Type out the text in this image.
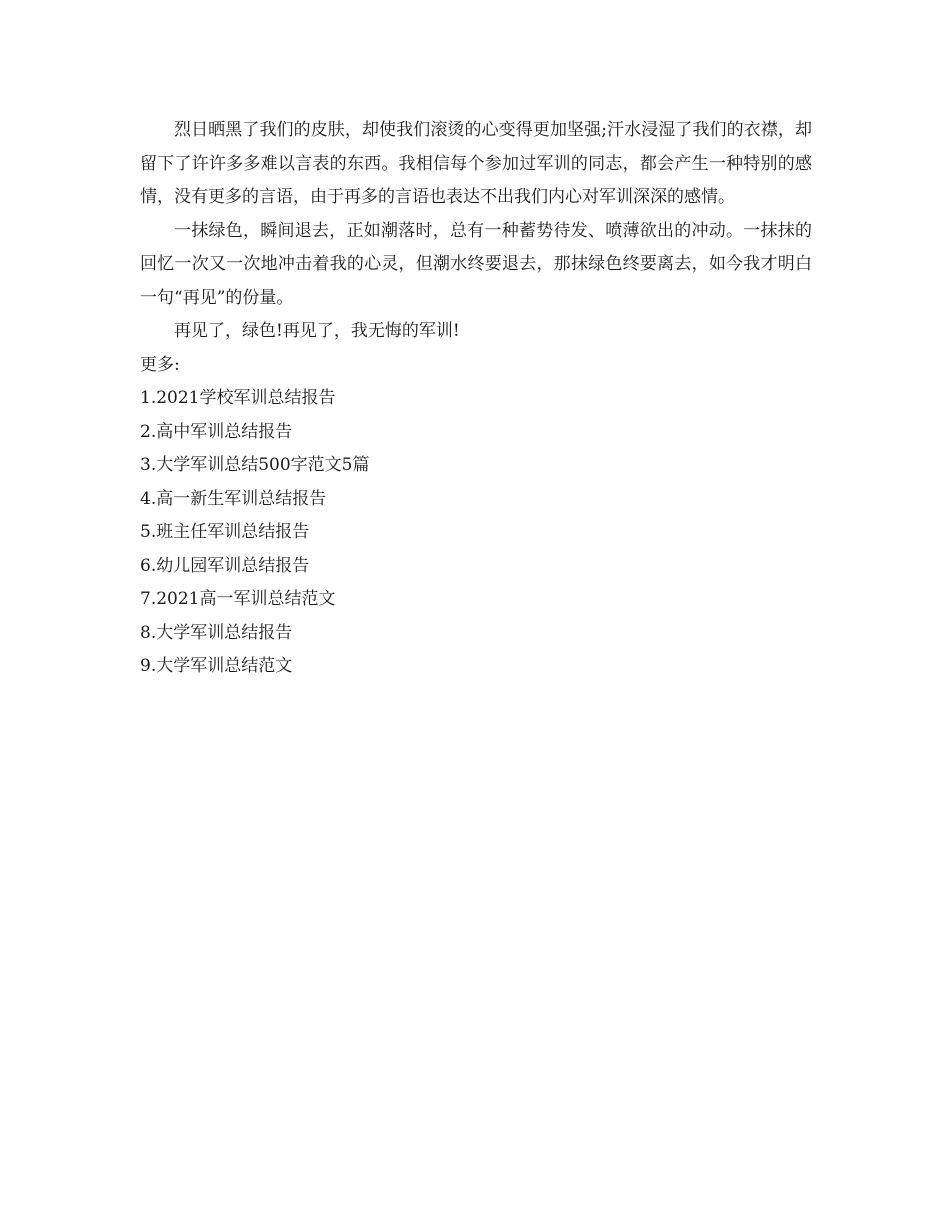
烈日晒黑了我们的皮肤，却使我们滚烫的心变得更加坚强;汗水浸湿了我们的衣襟，却留下了许许多多难以言表的东西。我相信每个参加过军训的同志，都会产生一种特别的感情，没有更多的言语，由于再多的言语也表达不出我们内心对军训深深的感情。

一抹绿色，瞬间退去，正如潮落时，总有一种蓄势待发、喷薄欲出的冲动。一抹抹的回忆一次又一次地冲击着我的心灵，但潮水终要退去，那抹绿色终要离去，如今我才明白一句“再见”的份量。

再见了，绿色!再见了，我无悔的军训!

更多:

1.2021学校军训总结报告
2.高中军训总结报告
3.大学军训总结500字范文5篇
4.高一新生军训总结报告
5.班主任军训总结报告
6.幼儿园军训总结报告
7.2021高一军训总结范文
8.大学军训总结报告
9.大学军训总结范文
